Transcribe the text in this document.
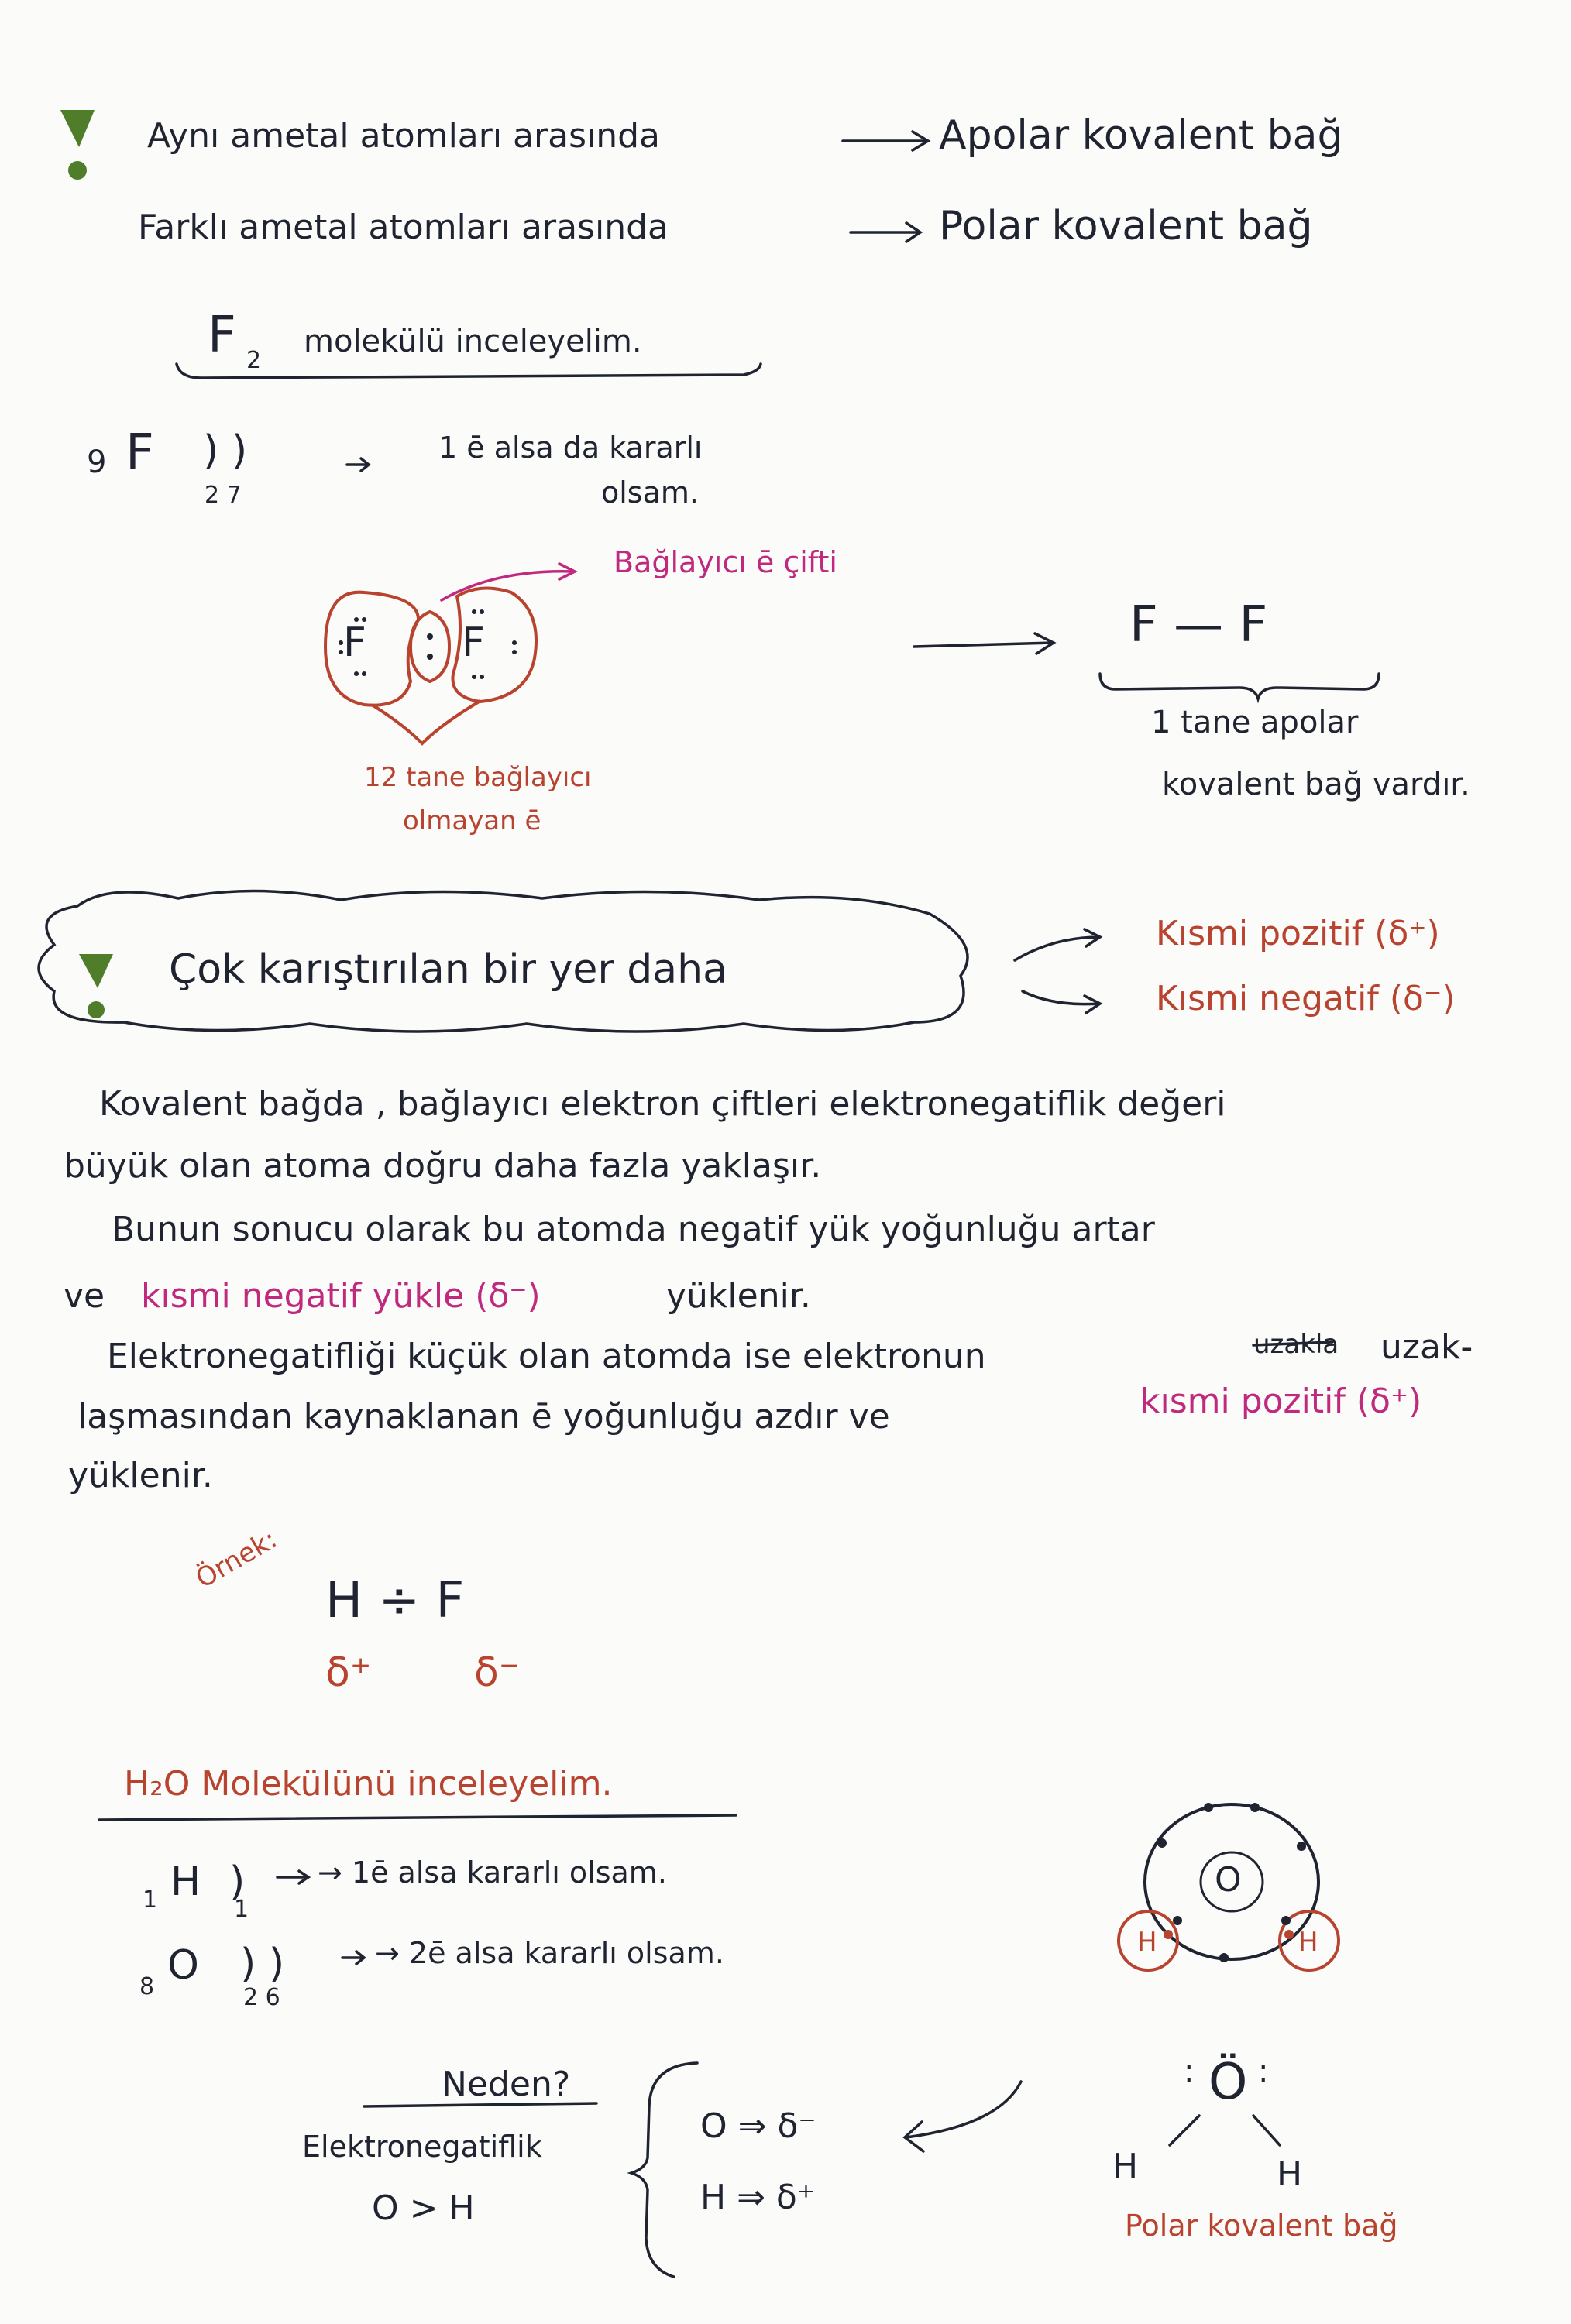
Aynı ametal atomları arasında	Apolar kovalent bağ
Farklı ametal atomları arasında	Polar kovalent bağ
F 2
molekülü inceleyelim.
9 F ) )
2 7
1 ē alsa da kararlı
olsam.
Bağlayıcı ē çifti
F F
12 tane bağlayıcı
olmayan ē
F — F
1 tane apolar
kovalent bağ vardır.
Çok karıştırılan bir yer daha
Kısmi pozitif (δ⁺)
Kısmi negatif (δ⁻)
Kovalent bağda , bağlayıcı elektron çiftleri elektronegatiflik değeri
büyük olan atoma doğru daha fazla yaklaşır.
Bunun sonucu olarak bu atomda negatif yük yoğunluğu artar
ve kısmi negatif yükle (δ⁻)	yüklenir.
Elektronegatifliği küçük olan atomda ise elektronun	uzakla uzak-
laşmasından kaynaklanan ē yoğunluğu azdır ve	kısmi pozitif (δ⁺)
yüklenir.
Örnek:
H ÷ F
δ⁺	δ⁻
H₂O Molekülünü inceleyelim.
1 H )
1
→ 1ē alsa kararlı olsam.
8 O ) )
2 6
→ 2ē alsa kararlı olsam.
O
H	H
Neden?
Elektronegatiflik
O > H
O ⇒ δ⁻
H ⇒ δ⁺
Ö
: :
H	H
Polar kovalent bağ
